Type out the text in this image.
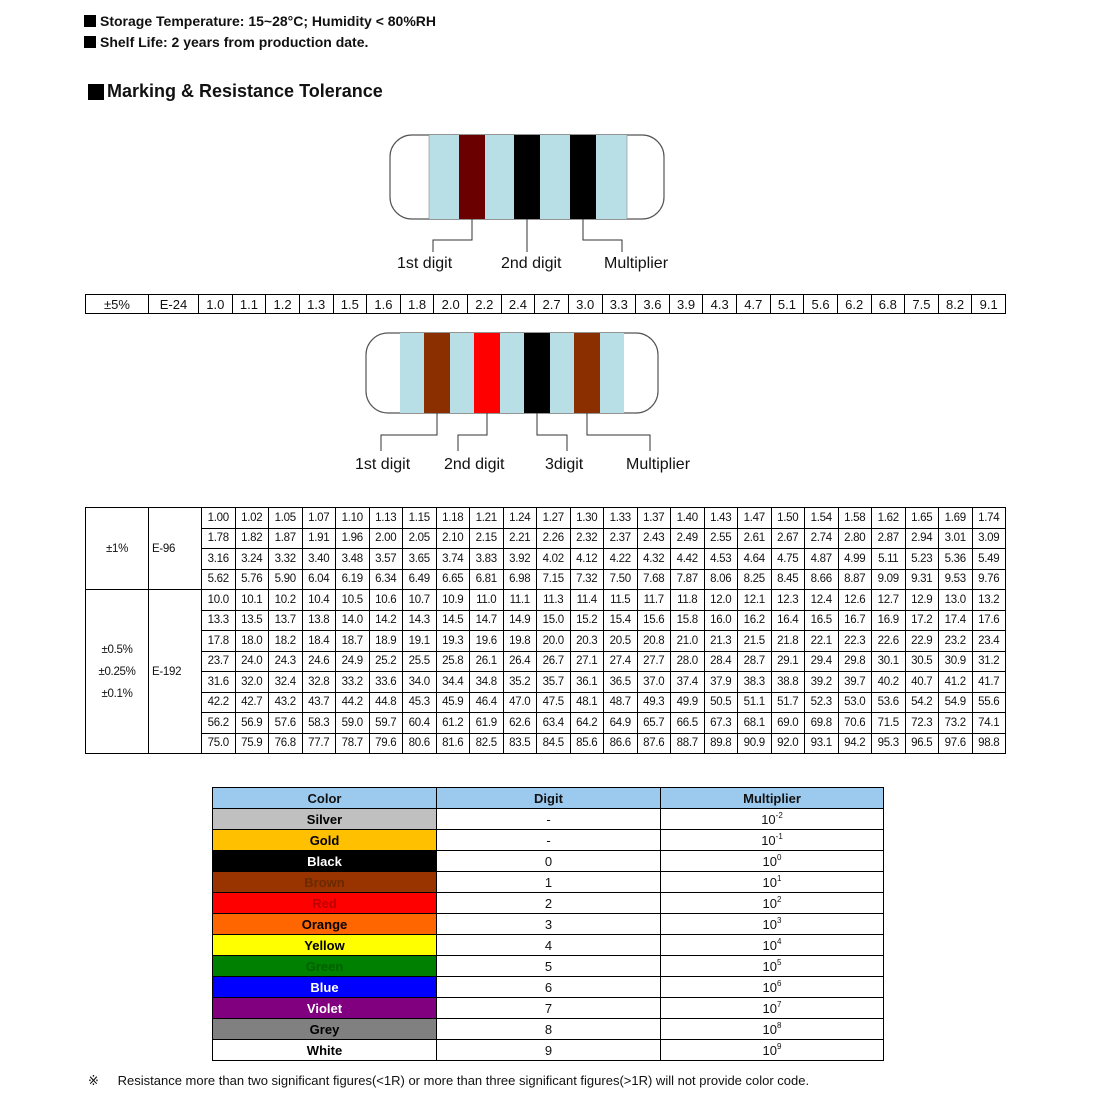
Storage Temperature: 15~28°C; Humidity < 80%RH
Shelf Life: 2 years from production date.
Marking & Resistance Tolerance
1st digit	2nd digit	Multiplier
±5%	E-24	1.0	1.1	1.2	1.3	1.5	1.6	1.8	2.0	2.2	2.4	2.7	3.0	3.3	3.6	3.9	4.3	4.7	5.1	5.6	6.2	6.8	7.5	8.2	9.1
1st digit 2nd digit	3digit	Multiplier
±1%	E-96	1.00	1.02	1.05	1.07	1.10	1.13	1.15	1.18	1.21	1.24	1.27	1.30	1.33	1.37	1.40	1.43	1.47	1.50	1.54	1.58	1.62	1.65	1.69	1.74
		1.78	1.82	1.87	1.91	1.96	2.00	2.05	2.10	2.15	2.21	2.26	2.32	2.37	2.43	2.49	2.55	2.61	2.67	2.74	2.80	2.87	2.94	3.01	3.09
		3.16	3.24	3.32	3.40	3.48	3.57	3.65	3.74	3.83	3.92	4.02	4.12	4.22	4.32	4.42	4.53	4.64	4.75	4.87	4.99	5.11	5.23	5.36	5.49
		5.62	5.76	5.90	6.04	6.19	6.34	6.49	6.65	6.81	6.98	7.15	7.32	7.50	7.68	7.87	8.06	8.25	8.45	8.66	8.87	9.09	9.31	9.53	9.76

±0.5%
±0.25%
±0.1%	E-192	10.0	10.1	10.2	10.4	10.5	10.6	10.7	10.9	11.0	11.1	11.3	11.4	11.5	11.7	11.8	12.0	12.1	12.3	12.4	12.6	12.7	12.9	13.0	13.2
		13.3	13.5	13.7	13.8	14.0	14.2	14.3	14.5	14.7	14.9	15.0	15.2	15.4	15.6	15.8	16.0	16.2	16.4	16.5	16.7	16.9	17.2	17.4	17.6
		17.8	18.0	18.2	18.4	18.7	18.9	19.1	19.3	19.6	19.8	20.0	20.3	20.5	20.8	21.0	21.3	21.5	21.8	22.1	22.3	22.6	22.9	23.2	23.4
		23.7	24.0	24.3	24.6	24.9	25.2	25.5	25.8	26.1	26.4	26.7	27.1	27.4	27.7	28.0	28.4	28.7	29.1	29.4	29.8	30.1	30.5	30.9	31.2
		31.6	32.0	32.4	32.8	33.2	33.6	34.0	34.4	34.8	35.2	35.7	36.1	36.5	37.0	37.4	37.9	38.3	38.8	39.2	39.7	40.2	40.7	41.2	41.7
		42.2	42.7	43.2	43.7	44.2	44.8	45.3	45.9	46.4	47.0	47.5	48.1	48.7	49.3	49.9	50.5	51.1	51.7	52.3	53.0	53.6	54.2	54.9	55.6
		56.2	56.9	57.6	58.3	59.0	59.7	60.4	61.2	61.9	62.6	63.4	64.2	64.9	65.7	66.5	67.3	68.1	69.0	69.8	70.6	71.5	72.3	73.2	74.1
		75.0	75.9	76.8	77.7	78.7	79.6	80.6	81.6	82.5	83.5	84.5	85.6	86.6	87.6	88.7	89.8	90.9	92.0	93.1	94.2	95.3	96.5	97.6	98.8
Color	Digit	Multiplier
Silver	-	$10^{-2}$
Gold	-	$10^{-1}$
Black	0	$10^0$
Brown	1	$10^1$
Red	2	$10^2$
Orange	3	$10^3$
Yellow	4	$10^4$
Green	5	$10^5$
Blue	6	$10^6$
Violet	7	$10^7$
Grey	8	$10^8$
White	9	$10^9$
※ Resistance more than two significant figures(<1R) or more than three significant figures(>1R) will not provide color code.
